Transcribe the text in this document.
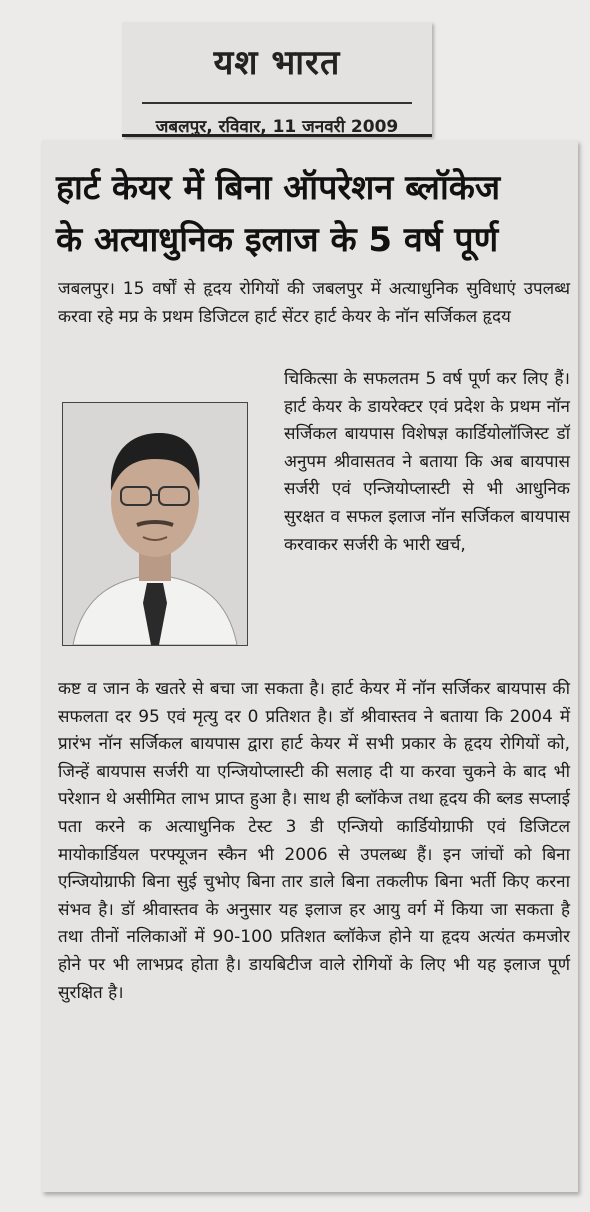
यश भारत
जबलपुर, रविवार, 11 जनवरी 2009
हार्ट केयर में बिना ऑपरेशन ब्लॉकेज
के अत्याधुनिक इलाज के 5 वर्ष पूर्ण
जबलपुर। 15 वर्षों से हृदय रोगियों की जबलपुर में अत्याधुनिक सुविधाएं उपलब्ध करवा रहे मप्र के प्रथम डिजिटल हार्ट सेंटर हार्ट केयर के नॉन सर्जिकल हृदय
चिकित्सा के सफलतम 5 वर्ष पूर्ण कर लिए हैं। हार्ट केयर के डायरेक्टर एवं प्रदेश के प्रथम नॉन सर्जिकल बायपास विशेषज्ञ कार्डियोलॉजिस्ट डॉ अनुपम श्रीवासतव ने बताया कि अब बायपास सर्जरी एवं एन्जियोप्लास्टी से भी आधुनिक सुरक्षत व सफल इलाज नॉन सर्जिकल बायपास करवाकर सर्जरी के भारी खर्च,
कष्ट व जान के खतरे से बचा जा सकता है। हार्ट केयर में नॉन सर्जिकर बायपास की सफलता दर 95 एवं मृत्यु दर 0 प्रतिशत है। डॉ श्रीवास्तव ने बताया कि 2004 में प्रारंभ नॉन सर्जिकल बायपास द्वारा हार्ट केयर में सभी प्रकार के हृदय रोगियों को, जिन्हें बायपास सर्जरी या एन्जियोप्लास्टी की सलाह दी या करवा चुकने के बाद भी परेशान थे असीमित लाभ प्राप्त हुआ है। साथ ही ब्लॉकेज तथा हृदय की ब्लड सप्लाई पता करने क अत्याधुनिक टेस्ट 3 डी एन्जियो कार्डियोग्राफी एवं डिजिटल मायोकार्डियल परफ्यूजन स्कैन भी 2006 से उपलब्ध हैं। इन जांचों को बिना एन्जियोग्राफी बिना सुई चुभोए बिना तार डाले बिना तकलीफ बिना भर्ती किए करना संभव है। डॉ श्रीवास्तव के अनुसार यह इलाज हर आयु वर्ग में किया जा सकता है तथा तीनों नलिकाओं में 90-100 प्रतिशत ब्लॉकेज होने या हृदय अत्यंत कमजोर होने पर भी लाभप्रद होता है। डायबिटीज वाले रोगियों के लिए भी यह इलाज पूर्ण सुरक्षित है।
